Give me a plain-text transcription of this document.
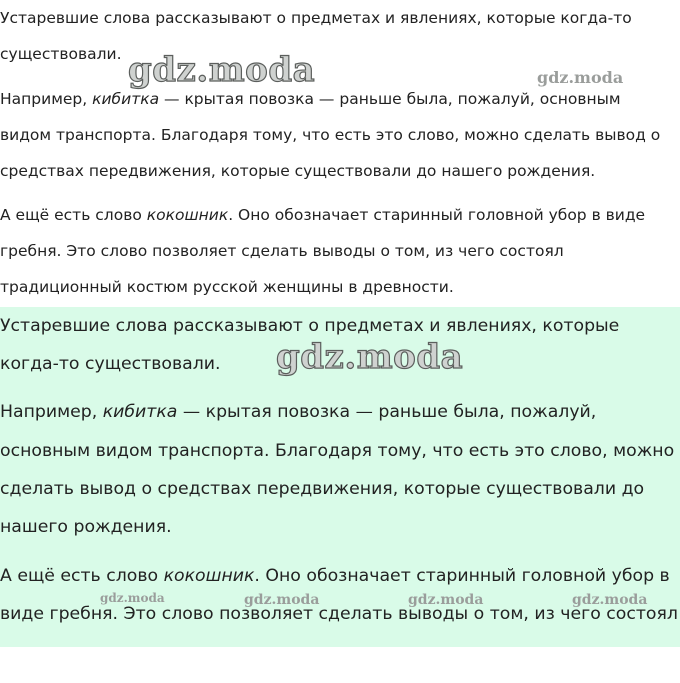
Устаревшие слова рассказывают о предметах и явлениях, которые когда-то

существовали.

Например, кибитка — крытая повозка — раньше была, пожалуй, основным

видом транспорта. Благодаря тому, что есть это слово, можно сделать вывод о

средствах передвижения, которые существовали до нашего рождения.

А ещё есть слово кокошник. Оно обозначает старинный головной убор в виде

гребня. Это слово позволяет сделать выводы о том, из чего состоял

традиционный костюм русской женщины в древности.

gdz.moda	gdz.moda

Устаревшие слова рассказывают о предметах и явлениях, которые

когда-то существовали.

Например, кибитка — крытая повозка — раньше была, пожалуй,

основным видом транспорта. Благодаря тому, что есть это слово, можно

сделать вывод о средствах передвижения, которые существовали до

нашего рождения.

А ещё есть слово кокошник. Оно обозначает старинный головной убор в

виде гребня. Это слово позволяет сделать выводы о том, из чего состоял

gdz.moda
gdz.moda	gdz.moda	gdz.moda	gdz.moda
